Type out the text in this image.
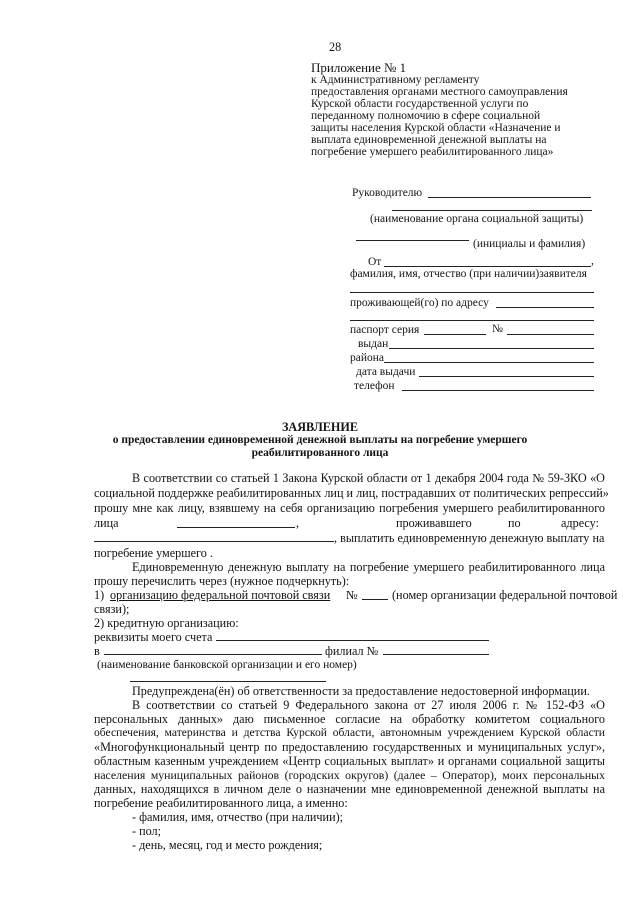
28
Приложение № 1
к Административному регламенту
предоставления органами местного самоуправления
Курской области государственной услуги по
переданному полномочию в сфере социальной
защиты населения Курской области «Назначение и
выплата единовременной денежной выплаты на
погребение умершего реабилитированного лица»
Руководителю
(наименование органа социальной защиты)
(инициалы и фамилия)
От	,
фамилия, имя, отчество (при наличии)заявителя
проживающей(го) по адресу
паспорт серия	№
выдан
района
дата выдачи
телефон
ЗАЯВЛЕНИЕ
о предоставлении единовременной денежной выплаты на погребение умершего
реабилитированного лица
В соответствии со статьей 1 Закона Курской области от 1 декабря 2004 года № 59-ЗКО «О
социальной поддержке реабилитированных лиц и лиц, пострадавших от политических репрессий»
прошу мне как лицу, взявшему на себя организацию погребения умершего реабилитированного
лица	,	проживавшего	по	адресу:
, выплатить единовременную денежную выплату на
погребение умершего .
Единовременную денежную выплату на погребение умершего реабилитированного лица
прошу перечислить через (нужное подчеркнуть):
1) организацию федеральной почтовой связи №	(номер организации федеральной почтовой
связи);
2) кредитную организацию:
реквизиты моего счета
в	филиал №
(наименование банковской организации и его номер)
Предупреждена(ён) об ответственности за предоставление недостоверной информации.
В соответствии со статьей 9 Федерального закона от 27 июля 2006 г. № 152-ФЗ «О
персональных данных» даю письменное согласие на обработку комитетом социального
обеспечения, материнства и детства Курской области, автономным учреждением Курской области
«Многофункциональный центр по предоставлению государственных и муниципальных услуг»,
областным казенным учреждением «Центр социальных выплат» и органами социальной защиты
населения муниципальных районов (городских округов) (далее – Оператор), моих персональных
данных, находящихся в личном деле о назначении мне единовременной денежной выплаты на
погребение реабилитированного лица, а именно:
- фамилия, имя, отчество (при наличии);
- пол;
- день, месяц, год и место рождения;
